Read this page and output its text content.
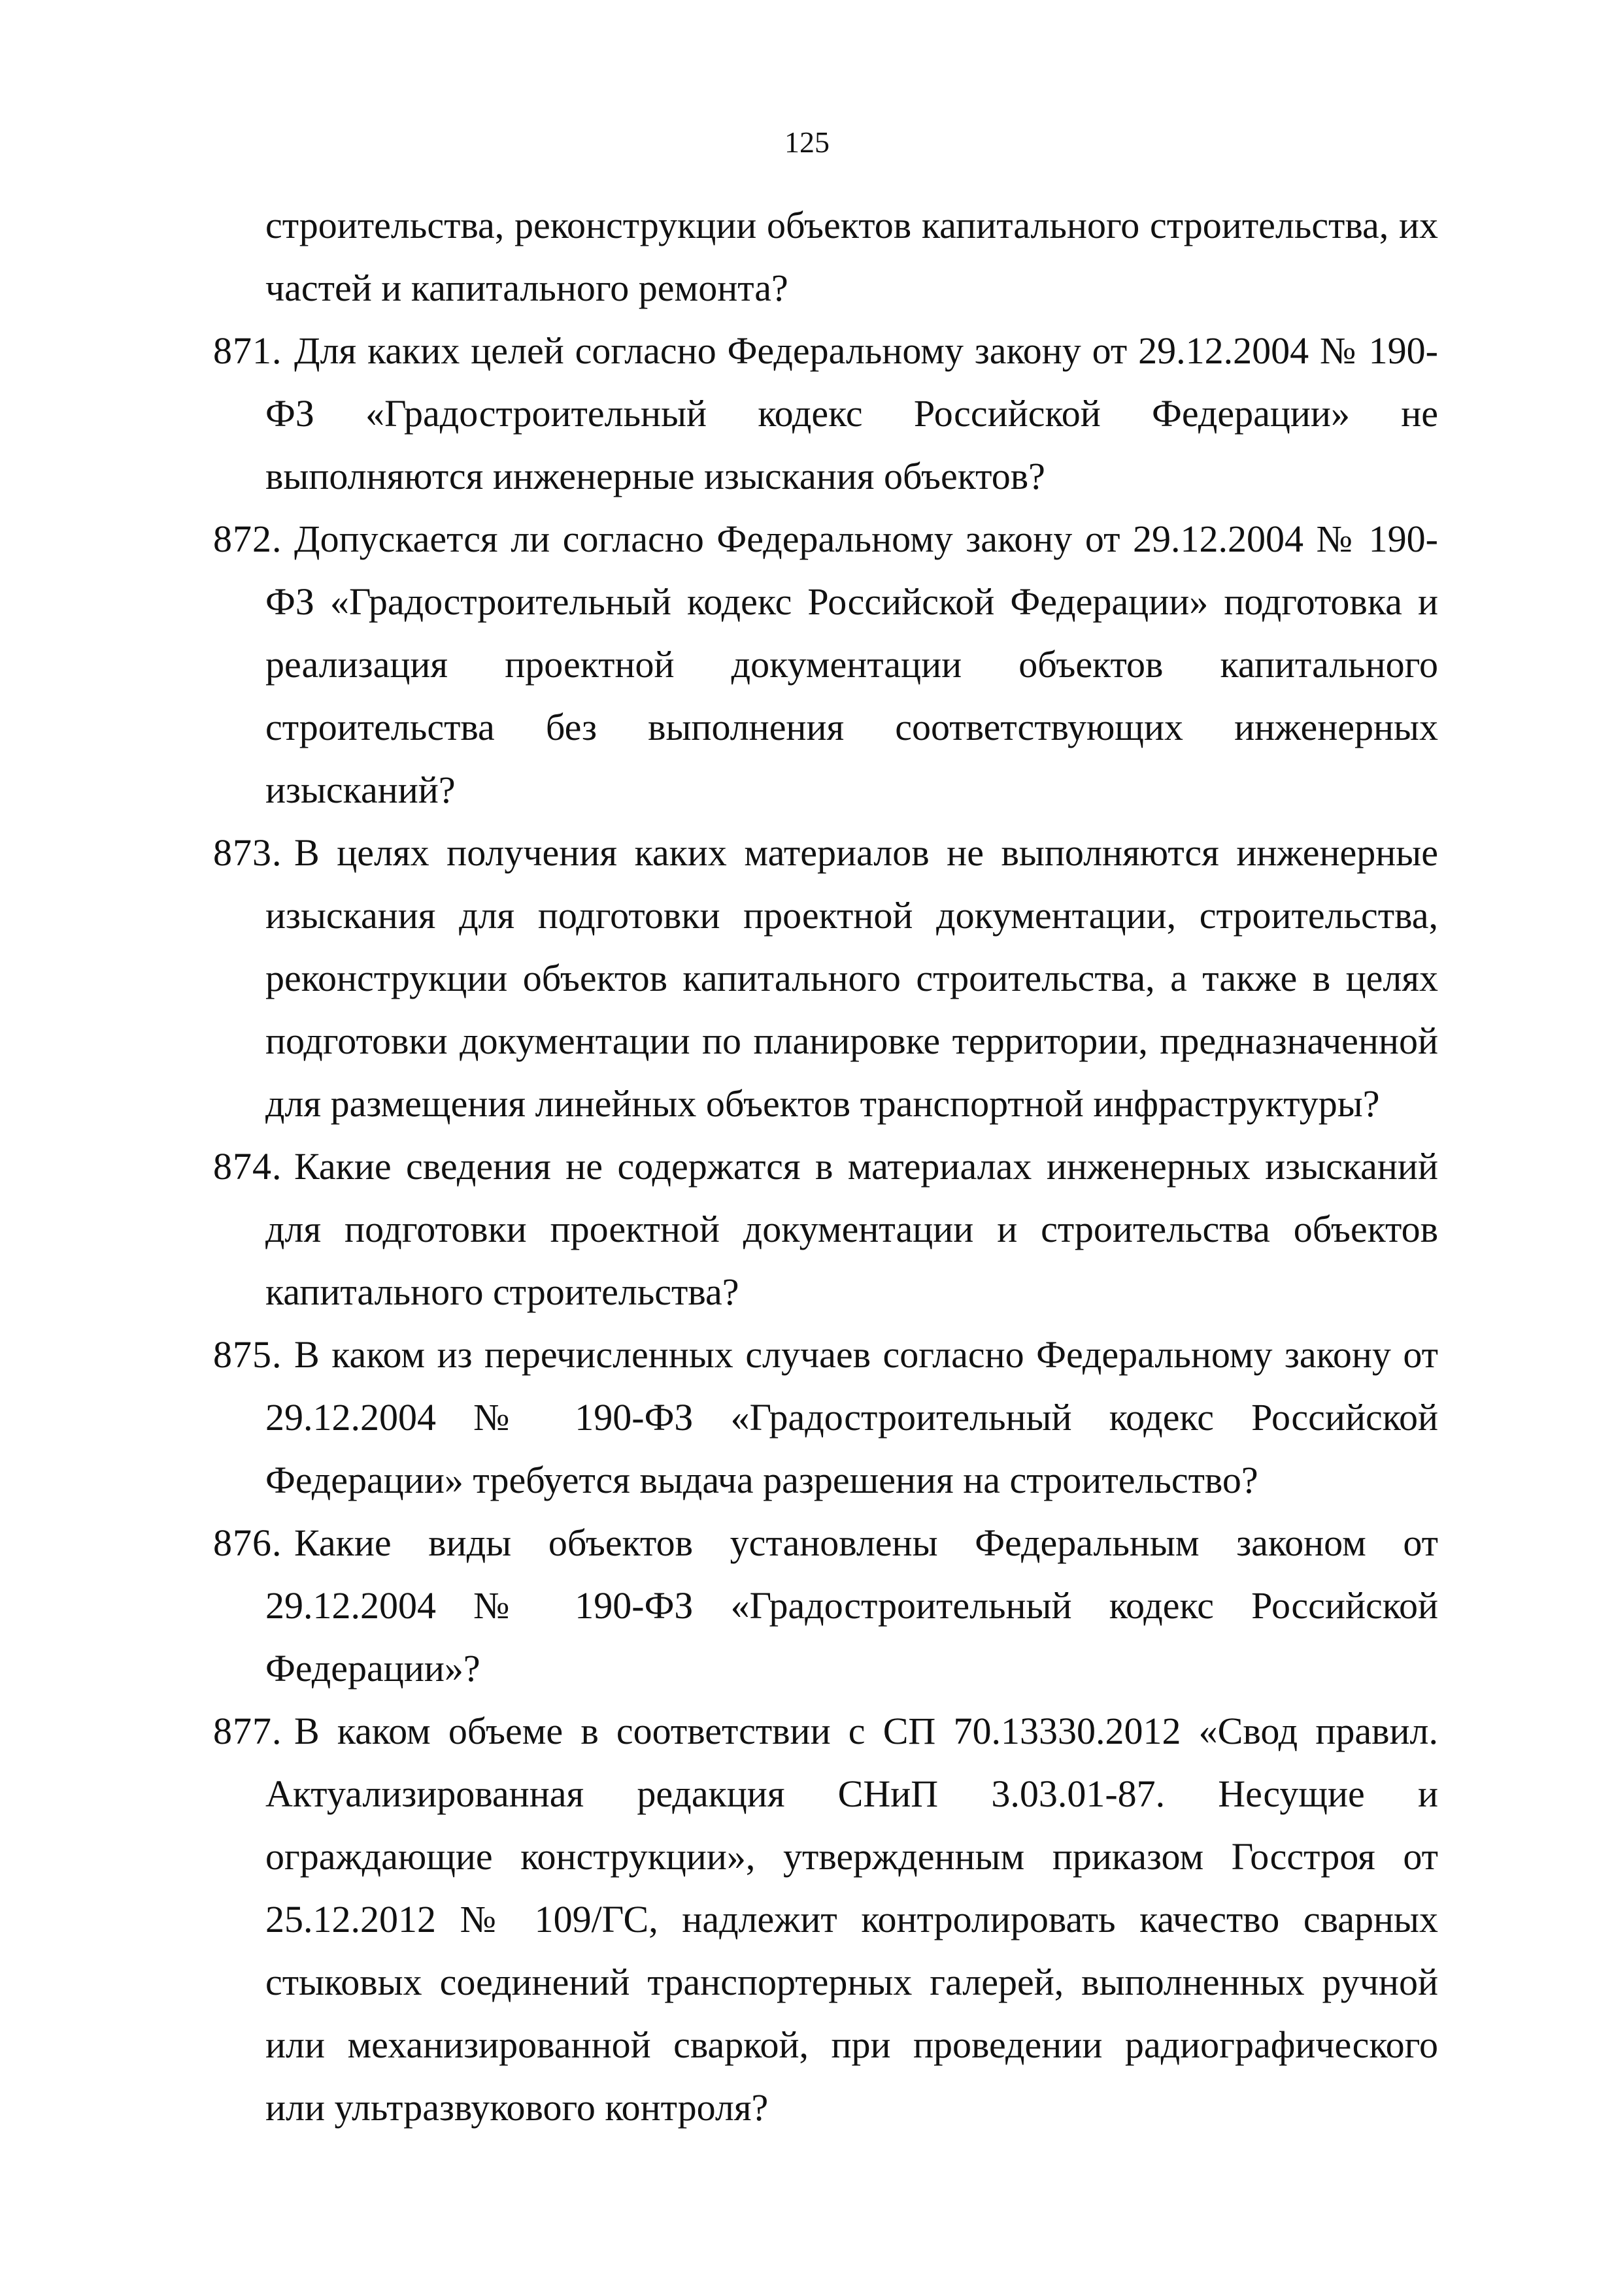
125

строительства, реконструкции объектов капитального строительства, их частей и капитального ремонта?

871. Для каких целей согласно Федеральному закону от 29.12.2004 № 190-ФЗ «Градостроительный кодекс Российской Федерации» не выполняются инженерные изыскания объектов?
872. Допускается ли согласно Федеральному закону от 29.12.2004 № 190-ФЗ «Градостроительный кодекс Российской Федерации» подготовка и реализация проектной документации объектов капитального строительства без выполнения соответствующих инженерных изысканий?
873. В целях получения каких материалов не выполняются инженерные изыскания для подготовки проектной документации, строительства, реконструкции объектов капитального строительства, а также в целях подготовки документации по планировке территории, предназначенной для размещения линейных объектов транспортной инфраструктуры?
874. Какие сведения не содержатся в материалах инженерных изысканий для подготовки проектной документации и строительства объектов капитального строительства?
875. В каком из перечисленных случаев согласно Федеральному закону от 29.12.2004 № 190-ФЗ «Градостроительный кодекс Российской Федерации» требуется выдача разрешения на строительство?
876. Какие виды объектов установлены Федеральным законом от 29.12.2004 № 190-ФЗ «Градостроительный кодекс Российской Федерации»?
877. В каком объеме в соответствии с СП 70.13330.2012 «Свод правил. Актуализированная редакция СНиП 3.03.01-87. Несущие и ограждающие конструкции», утвержденным приказом Госстроя от 25.12.2012 № 109/ГС, надлежит контролировать качество сварных стыковых соединений транспортерных галерей, выполненных ручной или механизированной сваркой, при проведении радиографического или ультразвукового контроля?
